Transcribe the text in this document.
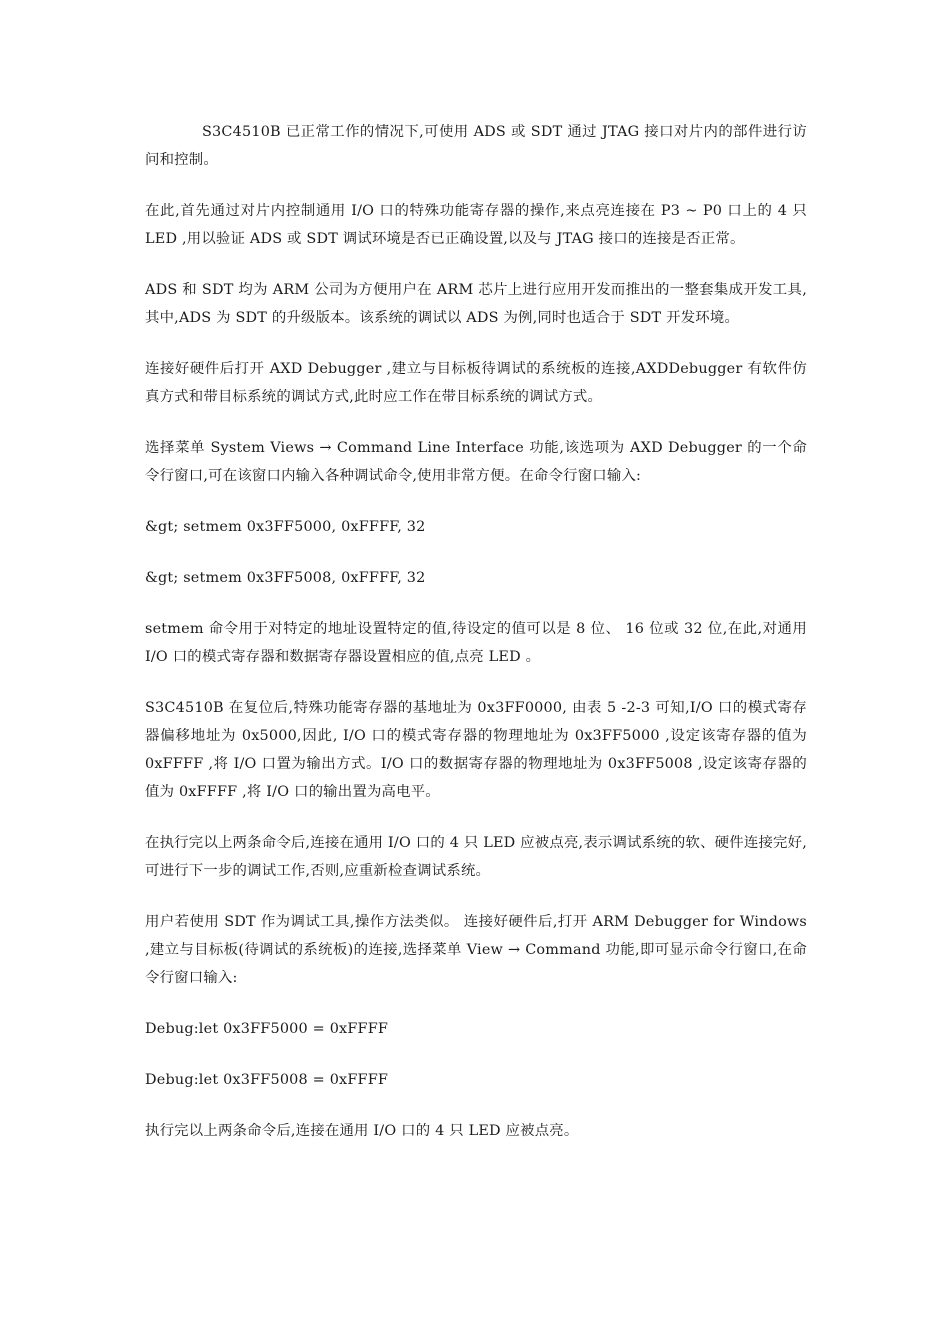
S3C4510B 已正常工作的情况下,可使用 ADS 或 SDT 通过 JTAG 接口对片内的部件进行访问和控制。

在此,首先通过对片内控制通用 I/O 口的特殊功能寄存器的操作,来点亮连接在 P3 ~ P0 口上的 4 只 LED ,用以验证 ADS 或 SDT 调试环境是否已正确设置,以及与 JTAG 接口的连接是否正常。

ADS 和 SDT 均为 ARM 公司为方便用户在 ARM 芯片上进行应用开发而推出的一整套集成开发工具,其中,ADS 为 SDT 的升级版本。该系统的调试以 ADS 为例,同时也适合于 SDT 开发环境。

连接好硬件后打开 AXD Debugger ,建立与目标板待调试的系统板的连接,AXDDebugger 有软件仿真方式和带目标系统的调试方式,此时应工作在带目标系统的调试方式。

选择菜单 System Views → Command Line Interface 功能,该选项为 AXD Debugger 的一个命令行窗口,可在该窗口内输入各种调试命令,使用非常方便。在命令行窗口输入:

&gt; setmem 0x3FF5000, 0xFFFF, 32

&gt; setmem 0x3FF5008, 0xFFFF, 32

setmem 命令用于对特定的地址设置特定的值,待设定的值可以是 8 位、 16 位或 32 位,在此,对通用 I/O 口的模式寄存器和数据寄存器设置相应的值,点亮 LED 。

S3C4510B 在复位后,特殊功能寄存器的基地址为 0x3FF0000, 由表 5 -2-3 可知,I/O 口的模式寄存器偏移地址为 0x5000,因此, I/O 口的模式寄存器的物理地址为 0x3FF5000 ,设定该寄存器的值为 0xFFFF ,将 I/O 口置为输出方式。I/O 口的数据寄存器的物理地址为 0x3FF5008 ,设定该寄存器的值为 0xFFFF ,将 I/O 口的输出置为高电平。

在执行完以上两条命令后,连接在通用 I/O 口的 4 只 LED 应被点亮,表示调试系统的软、硬件连接完好,可进行下一步的调试工作,否则,应重新检查调试系统。

用户若使用 SDT 作为调试工具,操作方法类似。 连接好硬件后,打开 ARM Debugger for Windows ,建立与目标板(待调试的系统板)的连接,选择菜单 View → Command 功能,即可显示命令行窗口,在命令行窗口输入:

Debug:let 0x3FF5000 = 0xFFFF

Debug:let 0x3FF5008 = 0xFFFF

执行完以上两条命令后,连接在通用 I/O 口的 4 只 LED 应被点亮。
